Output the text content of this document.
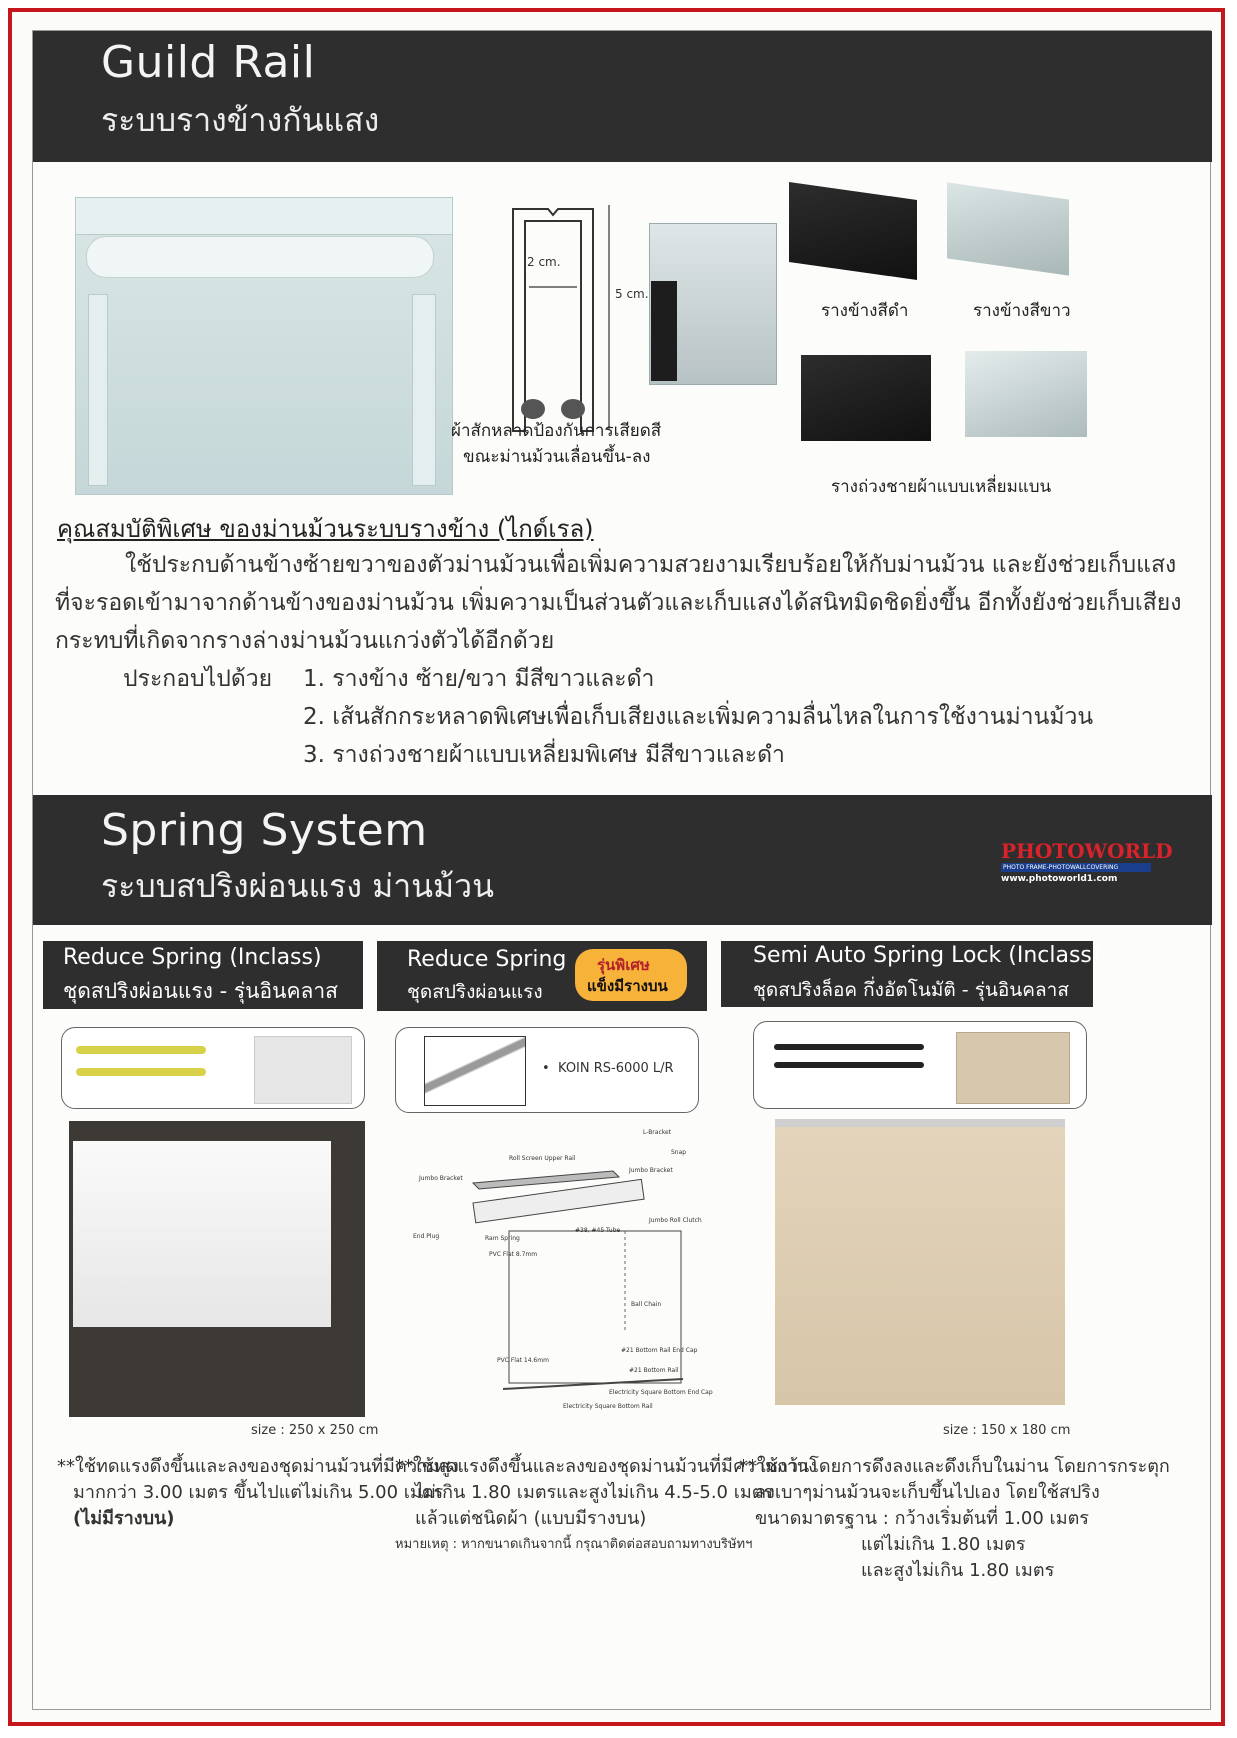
Guild Rail
ระบบรางข้างกันแสง
2 cm.
5 cm.
ผ้าสักหลาดป้องกันการเสียดสี
ขณะม่านม้วนเลื่อนขึ้น-ลง
รางข้างสีดำ	รางข้างสีขาว
รางถ่วงชายผ้าแบบเหลี่ยมแบน
คุณสมบัติพิเศษ ของม่านม้วนระบบรางข้าง (ไกด์เรล)
ใช้ประกบด้านข้างซ้ายขวาของตัวม่านม้วนเพื่อเพิ่มความสวยงามเรียบร้อยให้กับม่านม้วน และยังช่วยเก็บแสง
ที่จะรอดเข้ามาจากด้านข้างของม่านม้วน เพิ่มความเป็นส่วนตัวและเก็บแสงได้สนิทมิดชิดยิ่งขึ้น อีกทั้งยังช่วยเก็บเสียง
กระทบที่เกิดจากรางล่างม่านม้วนแกว่งตัวได้อีกด้วย
ประกอบไปด้วย 1. รางข้าง ซ้าย/ขวา มีสีขาวและดำ
2. เส้นสักกระหลาดพิเศษเพื่อเก็บเสียงและเพิ่มความลื่นไหลในการใช้งานม่านม้วน
3. รางถ่วงชายผ้าแบบเหลี่ยมพิเศษ มีสีขาวและดำ
Spring System
ระบบสปริงผ่อนแรง ม่านม้วน
PHOTOWORLD
PHOTO FRAME-PHOTOWALLCOVERING
www.photoworld1.com
Reduce Spring (Inclass)
ชุดสปริงผ่อนแรง - รุ่นอินคลาส
size : 250 x 250 cm
**ใช้ทดแรงดึงขึ้นและลงของชุดม่านม้วนที่มีความสูง
มากกว่า 3.00 เมตร ขึ้นไปแต่ไม่เกิน 5.00 เมตร
(ไม่มีรางบน)
Reduce Spring
ชุดสปริงผ่อนแรง
รุ่นพิเศษ
แข็งมีรางบน
• KOIN RS-6000 L/R
L-Bracket
Roll Screen Upper Rail
Snap
Jumbo Bracket
Jumbo Bracket
Jumbo Roll Clutch
Ram Spring
#38, #45 Tube
PVC Flat 8.7mm
End Plug
Ball Chain
#21 Bottom Rail End Cap
PVC Flat 14.6mm
#21 Bottom Rail
Electricity Square Bottom End Cap
Electricity Square Bottom Rail
**ใช้ทดแรงดึงขึ้นและลงของชุดม่านม้วนที่มีความกว้าง
ไม่เกิน 1.80 เมตรและสูงไม่เกิน 4.5-5.0 เมตร
แล้วแต่ชนิดผ้า (แบบมีรางบน)
หมายเหตุ : หากขนาดเกินจากนี้ กรุณาติดต่อสอบถามทางบริษัทฯ
Semi Auto Spring Lock (Inclass)
ชุดสปริงล็อค กึ่งอัตโนมัติ - รุ่นอินคลาส
size : 150 x 180 cm
**ใช้งานโดยการดึงลงและดึงเก็บในม่าน โดยการกระตุก
ลงเบาๆม่านม้วนจะเก็บขึ้นไปเอง โดยใช้สปริง
ขนาดมาตรฐาน : กว้างเริ่มต้นที่ 1.00 เมตร
แต่ไม่เกิน 1.80 เมตร
และสูงไม่เกิน 1.80 เมตร
